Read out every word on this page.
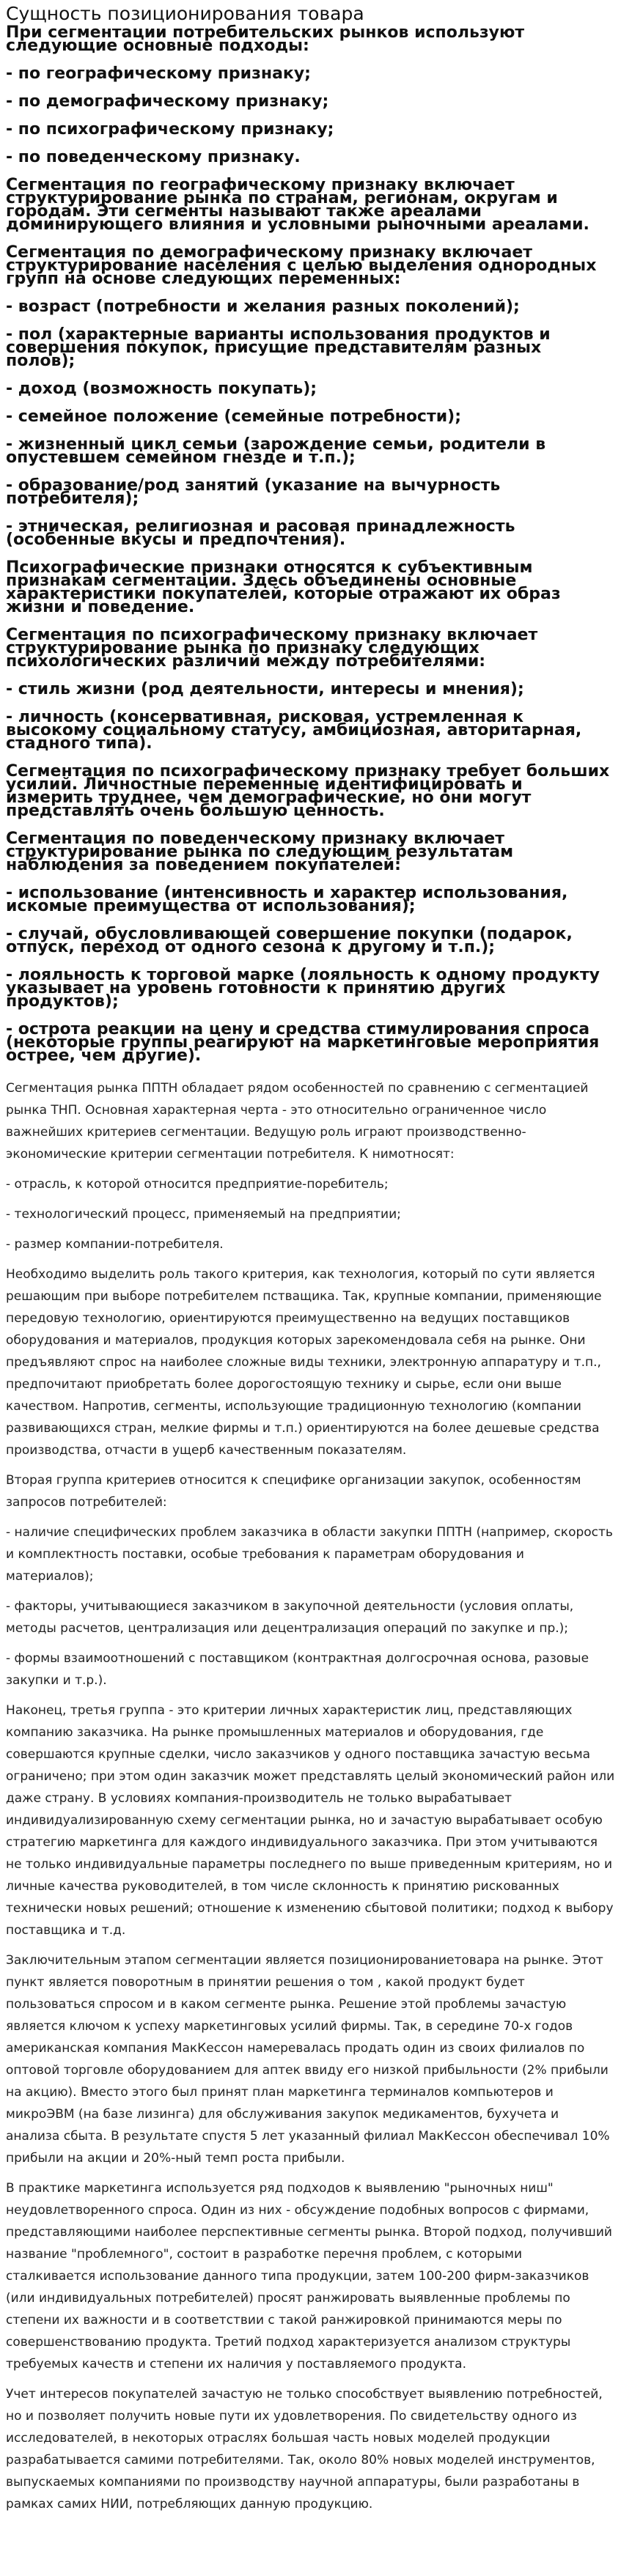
Сущность позиционирования товара

При сегментации потребительских рынков используют следующие основные подходы:

- по географическому признаку;

- по демографическому признаку;

- по психографическому признаку;

- по поведенческому признаку.

Сегментация по географическому признаку включает структурирование рынка по странам, регионам, округам и городам. Эти сегменты называют также ареалами доминирующего влияния и условными рыночными ареалами.

Сегментация по демографическому признаку включает структурирование населения с целью выделения однородных групп на основе следующих переменных:

- возраст (потребности и желания разных поколений);

- пол (характерные варианты использования продуктов и совершения покупок, присущие представителям разных полов);

- доход (возможность покупать);

- семейное положение (семейные потребности);

- жизненный цикл семьи (зарождение семьи, родители в опустевшем семейном гнезде и т.п.);

- образование/род занятий (указание на вычурность потребителя);

- этническая, религиозная и расовая принадлежность (особенные вкусы и предпочтения).

Психографические признаки относятся к субъективным признакам сегментации. Здесь объединены основные характеристики покупателей, которые отражают их образ жизни и поведение.

Сегментация по психографическому признаку включает структурирование рынка по признаку следующих психологических различий между потребителями:

- стиль жизни (род деятельности, интересы и мнения);

- личность (консервативная, рисковая, устремленная к высокому социальному статусу, амбициозная, авторитарная, стадного типа).

Сегментация по психографическому признаку требует больших усилий. Личностные переменные идентифицировать и измерить труднее, чем демографические, но они могут представлять очень большую ценность.

Сегментация по поведенческому признаку включает структурирование рынка по следующим результатам наблюдения за поведением покупателей:

- использование (интенсивность и характер использования, искомые преимущества от использования);

- случай, обусловливающей совершение покупки (подарок, отпуск, переход от одного сезона к другому и т.п.);

- лояльность к торговой марке (лояльность к одному продукту указывает на уровень готовности к принятию других продуктов);

- острота реакции на цену и средства стимулирования спроса (некоторые группы реагируют на маркетинговые мероприятия острее, чем другие).

Сегментация рынка ППТН обладает рядом особенностей по сравнению с сегментацией рынка ТНП. Основная характерная черта - это относительно ограниченное число важнейших критериев сегментации. Ведущую роль играют производственно-экономические критерии сегментации потребителя. К нимотносят:

- отрасль, к которой относится предприятие-поребитель;

- технологический процесс, применяемый на предприятии;

- размер компании-потребителя.

Необходимо выделить роль такого критерия, как технология, который по сути является решающим при выборе потребителем пстващика. Так, крупные компании, применяющие передовую технологию, ориентируются преимущественно на ведущих поставщиков оборудования и материалов, продукция которых зарекомендовала себя на рынке. Они предъявляют спрос на наиболее сложные виды техники, электронную аппаратуру и т.п., предпочитают приобретать более дорогостоящую технику и сырье, если они выше качеством. Напротив, сегменты, использующие традиционную технологию (компании развивающихся стран, мелкие фирмы и т.п.) ориентируются на более дешевые средства производства, отчасти в ущерб качественным показателям.

Вторая группа критериев относится к специфике организации закупок, особенностям запросов потребителей:

- наличие специфических проблем заказчика в области закупки ППТН (например, скорость и комплектность поставки, особые требования к параметрам оборудования и материалов);

- факторы, учитывающиеся заказчиком в закупочной деятельности (условия оплаты, методы расчетов, централизация или децентрализация операций по закупке и пр.);

- формы взаимоотношений с поставщиком (контрактная долгосрочная основа, разовые закупки и т.р.).

Наконец, третья группа - это критерии личных характеристик лиц, представляющих компанию заказчика. На рынке промышленных материалов и оборудования, где совершаются крупные сделки, число заказчиков у одного поставщика зачастую весьма ограничено; при этом один заказчик может представлять целый экономический район или даже страну. В условиях компания-производитель не только вырабатывает индивидуализированную схему сегментации рынка, но и зачастую вырабатывает особую стратегию маркетинга для каждого индивидуального заказчика. При этом учитываются не только индивидуальные параметры последнего по выше приведенным критериям, но и личные качества руководителей, в том числе склонность к принятию рискованных технически новых решений; отношение к изменению сбытовой политики; подход к выбору поставщика и т.д.

Заключительным этапом сегментации является позиционированиетовара на рынке. Этот пункт является поворотным в принятии решения о том , какой продукт будет пользоваться спросом и в каком сегменте рынка. Решение этой проблемы зачастую является ключом к успеху маркетинговых усилий фирмы. Так, в середине 70-х годов американская компания МакКессон намеревалась продать один из своих филиалов по оптовой торговле оборудованием для аптек ввиду его низкой прибыльности (2% прибыли на акцию). Вместо этого был принят план маркетинга терминалов компьютеров и микроЭВМ (на базе лизинга) для обслуживания закупок медикаментов, бухучета и анализа сбыта. В результате спустя 5 лет указанный филиал МакКессон обеспечивал 10% прибыли на акции и 20%-ный темп роста прибыли.

В практике маркетинга используется ряд подходов к выявлению "рыночных ниш" неудовлетворенного спроса. Один из них - обсуждение подобных вопросов с фирмами, представляющими наиболее перспективные сегменты рынка. Второй подход, получивший название "проблемного", состоит в разработке перечня проблем, с которыми сталкивается использование данного типа продукции, затем 100-200 фирм-заказчиков (или индивидуальных потребителей) просят ранжировать выявленные проблемы по степени их важности и в соответствии с такой ранжировкой принимаются меры по совершенствованию продукта. Третий подход характеризуется анализом структуры требуемых качеств и степени их наличия у поставляемого продукта.

Учет интересов покупателей зачастую не только способствует выявлению потребностей, но и позволяет получить новые пути их удовлетворения. По свидетельству одного из исследователей, в некоторых отраслях большая часть новых моделей продукции разрабатывается самими потребителями. Так, около 80% новых моделей инструментов, выпускаемых компаниями по производству научной аппаратуры, были разработаны в рамках самих НИИ, потребляющих данную продукцию.
